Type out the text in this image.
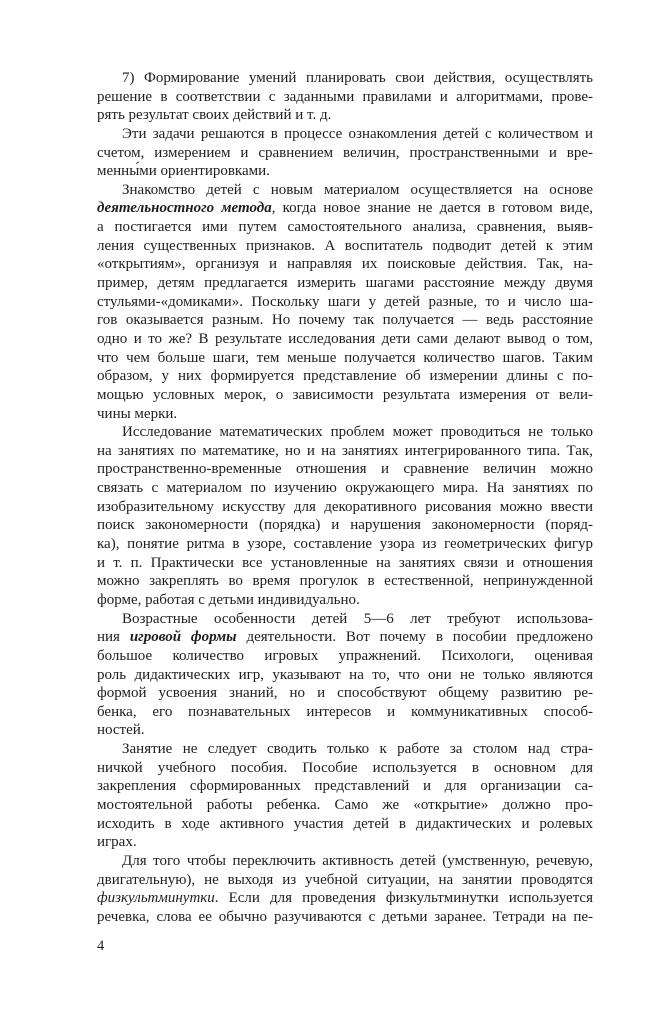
7) Формирование умений планировать свои действия, осуществлять
решение в соответствии с заданными правилами и алгоритмами, прове-
рять результат своих действий и т. д.
Эти задачи решаются в процессе ознакомления детей с количеством и
счетом, измерением и сравнением величин, пространственными и вре-
менны́ми ориентировками.
Знакомство детей с новым материалом осуществляется на основе
деятельностного метода, когда новое знание не дается в готовом виде,
а постигается ими путем самостоятельного анализа, сравнения, выяв-
ления существенных признаков. А воспитатель подводит детей к этим
«открытиям», организуя и направляя их поисковые действия. Так, на-
пример, детям предлагается измерить шагами расстояние между двумя
стульями-«домиками». Поскольку шаги у детей разные, то и число ша-
гов оказывается разным. Но почему так получается — ведь расстояние
одно и то же? В результате исследования дети сами делают вывод о том,
что чем больше шаги, тем меньше получается количество шагов. Таким
образом, у них формируется представление об измерении длины с по-
мощью условных мерок, о зависимости результата измерения от вели-
чины мерки.
Исследование математических проблем может проводиться не только
на занятиях по математике, но и на занятиях интегрированного типа. Так,
пространственно-временные отношения и сравнение величин можно
связать с материалом по изучению окружающего мира. На занятиях по
изобразительному искусству для декоративного рисования можно ввести
поиск закономерности (порядка) и нарушения закономерности (поряд-
ка), понятие ритма в узоре, составление узора из геометрических фигур
и т. п. Практически все установленные на занятиях связи и отношения
можно закреплять во время прогулок в естественной, непринужденной
форме, работая с детьми индивидуально.
Возрастные особенности детей 5—6 лет требуют использова-
ния игровой формы деятельности. Вот почему в пособии предложено
большое количество игровых упражнений. Психологи, оценивая
роль дидактических игр, указывают на то, что они не только являются
формой усвоения знаний, но и способствуют общему развитию ре-
бенка, его познавательных интересов и коммуникативных способ-
ностей.
Занятие не следует сводить только к работе за столом над стра-
ничкой учебного пособия. Пособие используется в основном для
закрепления сформированных представлений и для организации са-
мостоятельной работы ребенка. Само же «открытие» должно про-
исходить в ходе активного участия детей в дидактических и ролевых
играх.
Для того чтобы переключить активность детей (умственную, речевую,
двигательную), не выходя из учебной ситуации, на занятии проводятся
физкультминутки. Если для проведения физкультминутки используется
речевка, слова ее обычно разучиваются с детьми заранее. Тетради на пе-
4
